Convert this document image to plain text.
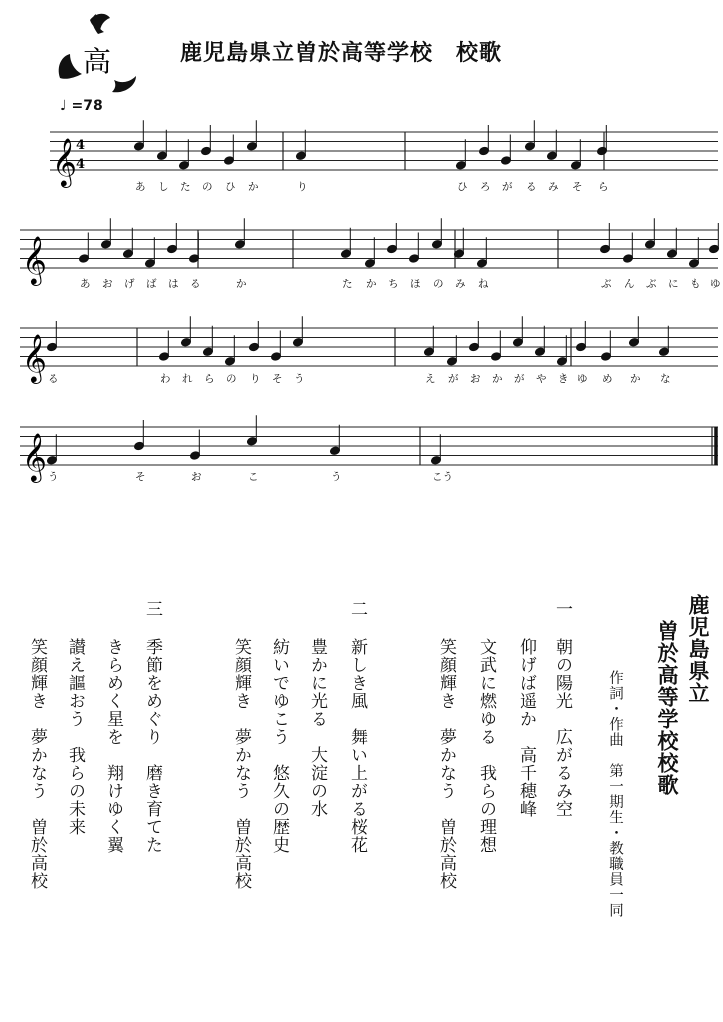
高	鹿児島県立曽於高等学校　校歌
♩ =78
𝄞 4
4
あ し た の ひ か	り	ひ ろ が る み そ ら
𝄞	あ お げ ば は る	か	た か ち ほ の み ね	ぶ ん ぶ に も ゆ
𝄞 る	わ れ ら の り そ う	え が お か が や き ゆ め か な
𝄞 う	そ	お	こ	う	こう
鹿児島県立
曽於高等学校校歌
作詞・作曲　第一期生・教職員一同
一
朝の陽光　広がるみ空
仰げば遥か　高千穂峰
文武に燃ゆる　我らの理想
笑顔輝き　夢かなう　曽於高校
二
新しき風　舞い上がる桜花
豊かに光る　大淀の水
紡いでゆこう　悠久の歴史
笑顔輝き　夢かなう　曽於高校
三
季節をめぐり　磨き育てた
きらめく星を　翔けゆく翼
讃え謳おう　我らの未来
笑顔輝き　夢かなう　曽於高校
